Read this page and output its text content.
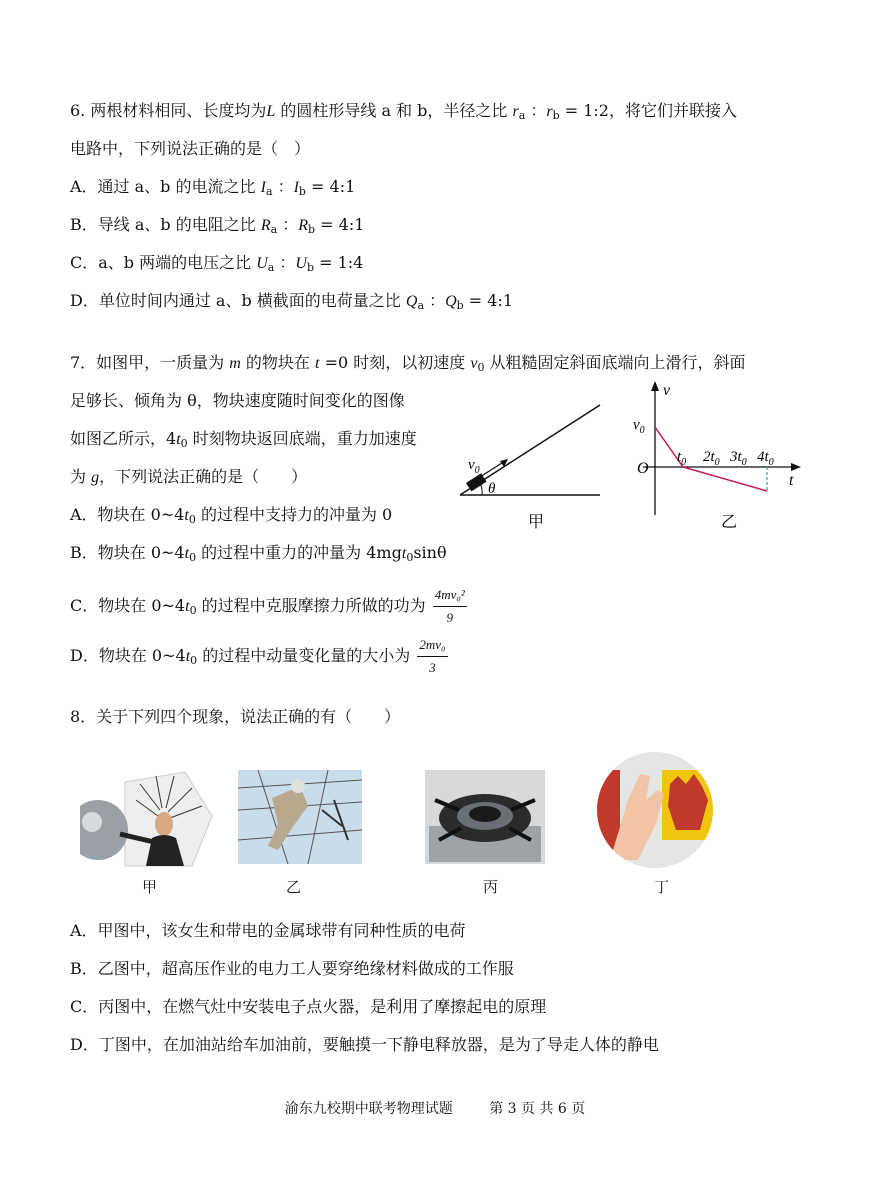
6. 两根材料相同、长度均为L 的圆柱形导线 a 和 b，半径之比 $r_a$ ：$r_b$ = 1:2，将它们并联接入
电路中，下列说法正确的是（　）
A．通过 a、b 的电流之比 $I_a$ ：$I_b$ = 4:1
B．导线 a、b 的电阻之比 $R_a$ ：$R_b$ = 4:1
C．a、b 两端的电压之比 $U_a$ ：$U_b$ = 1:4
D．单位时间内通过 a、b 横截面的电荷量之比 $Q_a$ ：$Q_b$ = 4:1
7．如图甲，一质量为 m 的物块在 t =0 时刻，以初速度 $v_0$ 从粗糙固定斜面底端向上滑行，斜面
足够长、倾角为 θ，物块速度随时间变化的图像
如图乙所示，$4t_0$ 时刻物块返回底端，重力加速度
为 g，下列说法正确的是（　　）
A．物块在 $0\sim 4t_0$ 的过程中支持力的冲量为 0
B．物块在 $0\sim 4t_0$ 的过程中重力的冲量为 4mgt$_0$sinθ
C．物块在 $0\sim 4t_0$ 的过程中克服摩擦力所做的功为 $\frac{\text{4mv₀²}}{9}$
D．物块在 $0\sim 4t_0$ 的过程中动量变化量的大小为 $\frac{\text{2mv₀}}{3}$
$v_0$
θ
甲
v
t
O
$v_0$
$t_0$ $2t_0$ $3t_0$ $4t_0$
乙
8．关于下列四个现象，说法正确的有（　　）
甲	乙	丙	丁
A．甲图中，该女生和带电的金属球带有同种性质的电荷
B．乙图中，超高压作业的电力工人要穿绝缘材料做成的工作服
C．丙图中，在燃气灶中安装电子点火器，是利用了摩擦起电的原理
D．丁图中，在加油站给车加油前，要触摸一下静电释放器，是为了导走人体的静电
渝东九校期中联考物理试题	第 3 页 共 6 页
